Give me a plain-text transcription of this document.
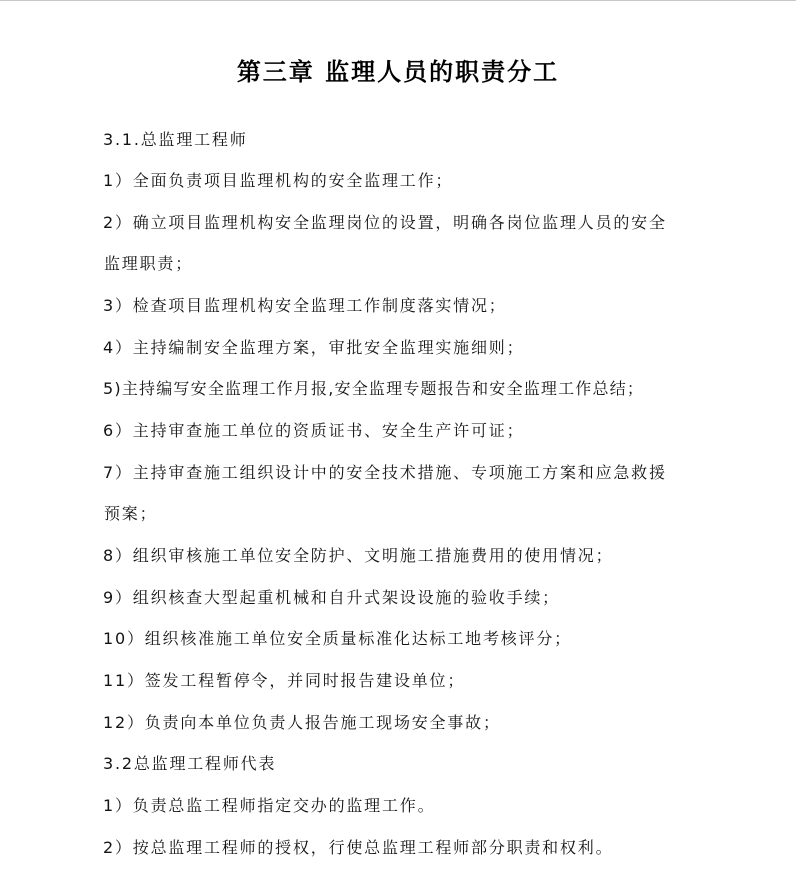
第三章 监理人员的职责分工
3.1.总监理工程师
1）全面负责项目监理机构的安全监理工作；
2）确立项目监理机构安全监理岗位的设置，明确各岗位监理人员的安全
监理职责；
3）检查项目监理机构安全监理工作制度落实情况；
4）主持编制安全监理方案，审批安全监理实施细则；
5)主持编写安全监理工作月报,安全监理专题报告和安全监理工作总结；
6）主持审查施工单位的资质证书、安全生产许可证；
7）主持审查施工组织设计中的安全技术措施、专项施工方案和应急救援
预案；
8）组织审核施工单位安全防护、文明施工措施费用的使用情况；
9）组织核查大型起重机械和自升式架设设施的验收手续；
10）组织核准施工单位安全质量标准化达标工地考核评分；
11）签发工程暂停令，并同时报告建设单位；
12）负责向本单位负责人报告施工现场安全事故；
3.2总监理工程师代表
1）负责总监工程师指定交办的监理工作。
2）按总监理工程师的授权，行使总监理工程师部分职责和权利。
